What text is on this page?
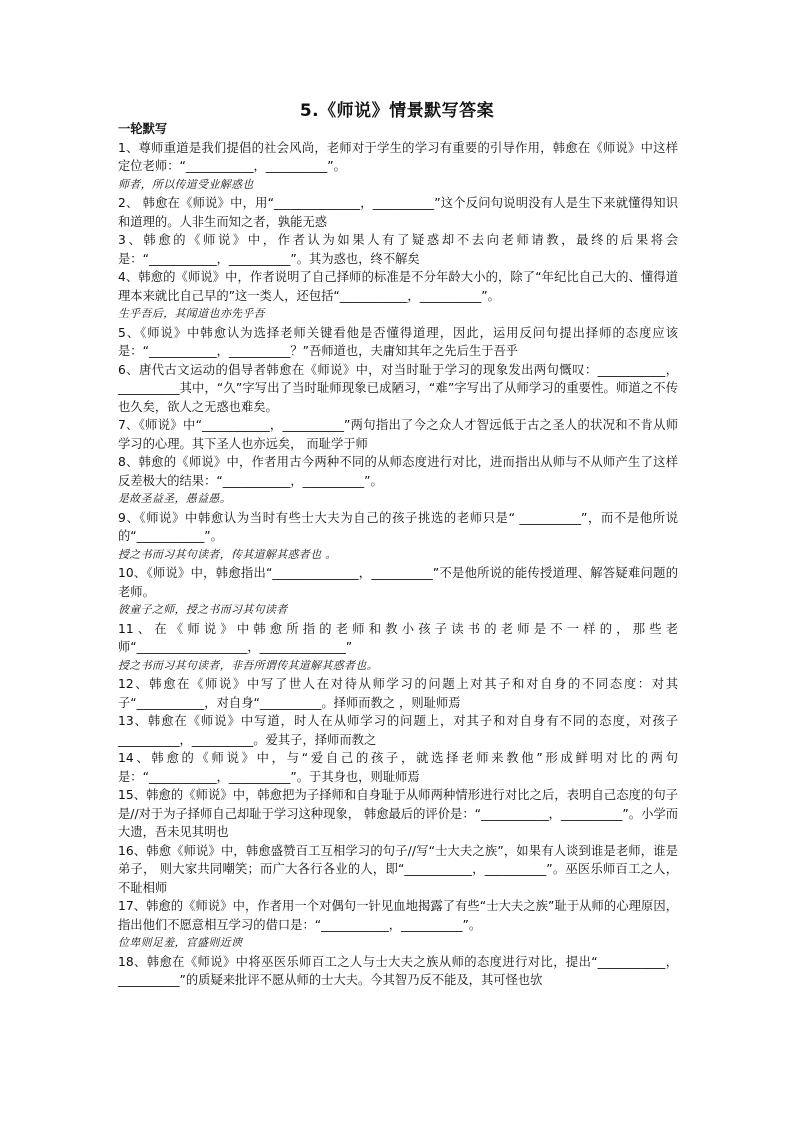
5.《师说》情景默写答案

一轮默写

1、尊师重道是我们提倡的社会风尚，老师对于学生的学习有重要的引导作用，韩愈在《师说》中这样定位老师：“___________，__________”。

师者，所以传道受业解惑也

2、 韩愈在《师说》中，用“______________，__________”这个反问句说明没有人是生下来就懂得知识和道理的。人非生而知之者，孰能无惑

3、韩愈的《师说》中，作者认为如果人有了疑惑却不去向老师请教，最终的后果将会是：“___________，__________”。其为惑也，终不解矣

4、韩愈的《师说》中，作者说明了自己择师的标准是不分年龄大小的，除了“年纪比自己大的、懂得道理本来就比自己早的”这一类人，还包括“___________，__________”。

生乎吾后，其闻道也亦先乎吾

5、《师说》中韩愈认为选择老师关键看他是否懂得道理，因此，运用反问句提出择师的态度应该是：“___________，__________？”吾师道也，夫庸知其年之先后生于吾乎

6、唐代古文运动的倡导者韩愈在《师说》中，对当时耻于学习的现象发出两句慨叹：___________，__________其中，“久”字写出了当时耻师现象已成陋习，“难”字写出了从师学习的重要性。师道之不传也久矣，欲人之无惑也难矣。

7、《师说》中“___________，__________”两句指出了今之众人才智远低于古之圣人的状况和不肯从师学习的心理。其下圣人也亦远矣， 而耻学于师

8、韩愈的《师说》中，作者用古今两种不同的从师态度进行对比，进而指出从师与不从师产生了这样反差极大的结果：“___________，__________”。

是故圣益圣，愚益愚。

9、《师说》中韩愈认为当时有些士大夫为自己的孩子挑选的老师只是“ __________”，而不是他所说的“___________”。

授之书而习其句读者，传其道解其惑者也 。

10、《师说》中，韩愈指出“______________，__________”不是他所说的能传授道理、解答疑难问题的老师。

彼童子之师，授之书而习其句读者

11、在《师说》中韩愈所指的老师和教小孩子读书的老师是不一样的，那些老师“__________________，______________”

授之书而习其句读者，非吾所谓传其道解其惑者也。

12、韩愈在《师说》中写了世人在对待从师学习的问题上对其子和对自身的不同态度：对其子“___________，对自身“__________。择师而教之 ，则耻师焉

13、韩愈在《师说》中写道，时人在从师学习的问题上，对其子和对自身有不同的态度，对孩子__________，__________。爱其子，择师而教之

14、韩愈的《师说》中，与“爱自己的孩子，就选择老师来教他”形成鲜明对比的两句是：“___________，__________”。于其身也，则耻师焉

15、韩愈的《师说》中，韩愈把为子择师和自身耻于从师两种情形进行对比之后，表明自己态度的句子是//对于为子择师自己却耻于学习这种现象， 韩愈最后的评价是：“___________，__________”。小学而大遗，吾未见其明也

16、韩愈《师说》中，韩愈盛赞百工互相学习的句子//写“士大夫之族”，如果有人谈到谁是老师，谁是弟子， 则大家共同嘲笑；而广大各行各业的人，即“___________，__________”。巫医乐师百工之人，不耻相师

17、韩愈的《师说》中，作者用一个对偶句一针见血地揭露了有些“士大夫之族”耻于从师的心理原因，指出他们不愿意相互学习的借口是：“___________，__________”。

位卑则足羞，官盛则近谀

18、韩愈在《师说》中将巫医乐师百工之人与士大夫之族从师的态度进行对比，提出“___________，__________”的质疑来批评不愿从师的士大夫。今其智乃反不能及，其可怪也欤
